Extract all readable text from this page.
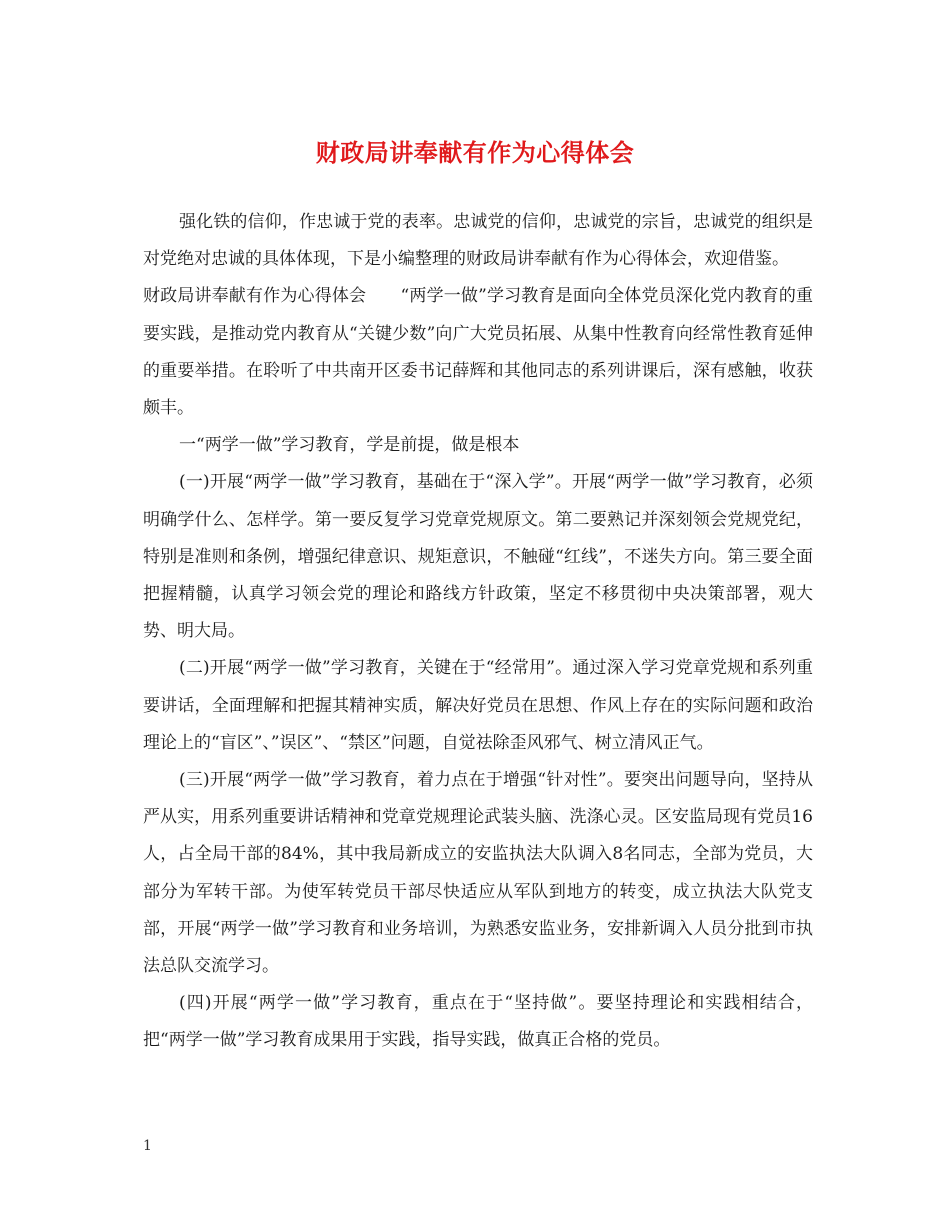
财政局讲奉献有作为心得体会

强化铁的信仰，作忠诚于党的表率。忠诚党的信仰，忠诚党的宗旨，忠诚党的组织是对党绝对忠诚的具体体现，下是小编整理的财政局讲奉献有作为心得体会，欢迎借鉴。

财政局讲奉献有作为心得体会　　“两学一做”学习教育是面向全体党员深化党内教育的重要实践，是推动党内教育从“关键少数”向广大党员拓展、从集中性教育向经常性教育延伸的重要举措。在聆听了中共南开区委书记薛辉和其他同志的系列讲课后，深有感触，收获颇丰。

一“两学一做”学习教育，学是前提，做是根本

(一)开展“两学一做”学习教育，基础在于“深入学”。开展“两学一做”学习教育，必须明确学什么、怎样学。第一要反复学习党章党规原文。第二要熟记并深刻领会党规党纪，特别是准则和条例，增强纪律意识、规矩意识，不触碰“红线”，不迷失方向。第三要全面把握精髓，认真学习领会党的理论和路线方针政策，坚定不移贯彻中央决策部署，观大势、明大局。

(二)开展“两学一做”学习教育，关键在于“经常用”。通过深入学习党章党规和系列重要讲话，全面理解和把握其精神实质，解决好党员在思想、作风上存在的实际问题和政治理论上的“盲区”、”误区”、“禁区”问题，自觉祛除歪风邪气、树立清风正气。

(三)开展“两学一做”学习教育，着力点在于增强“针对性”。要突出问题导向，坚持从严从实，用系列重要讲话精神和党章党规理论武装头脑、洗涤心灵。区安监局现有党员16人，占全局干部的84%，其中我局新成立的安监执法大队调入8名同志，全部为党员，大部分为军转干部。为使军转党员干部尽快适应从军队到地方的转变，成立执法大队党支部，开展“两学一做”学习教育和业务培训，为熟悉安监业务，安排新调入人员分批到市执法总队交流学习。

(四)开展“两学一做”学习教育，重点在于“坚持做”。要坚持理论和实践相结合，把“两学一做”学习教育成果用于实践，指导实践，做真正合格的党员。

1
